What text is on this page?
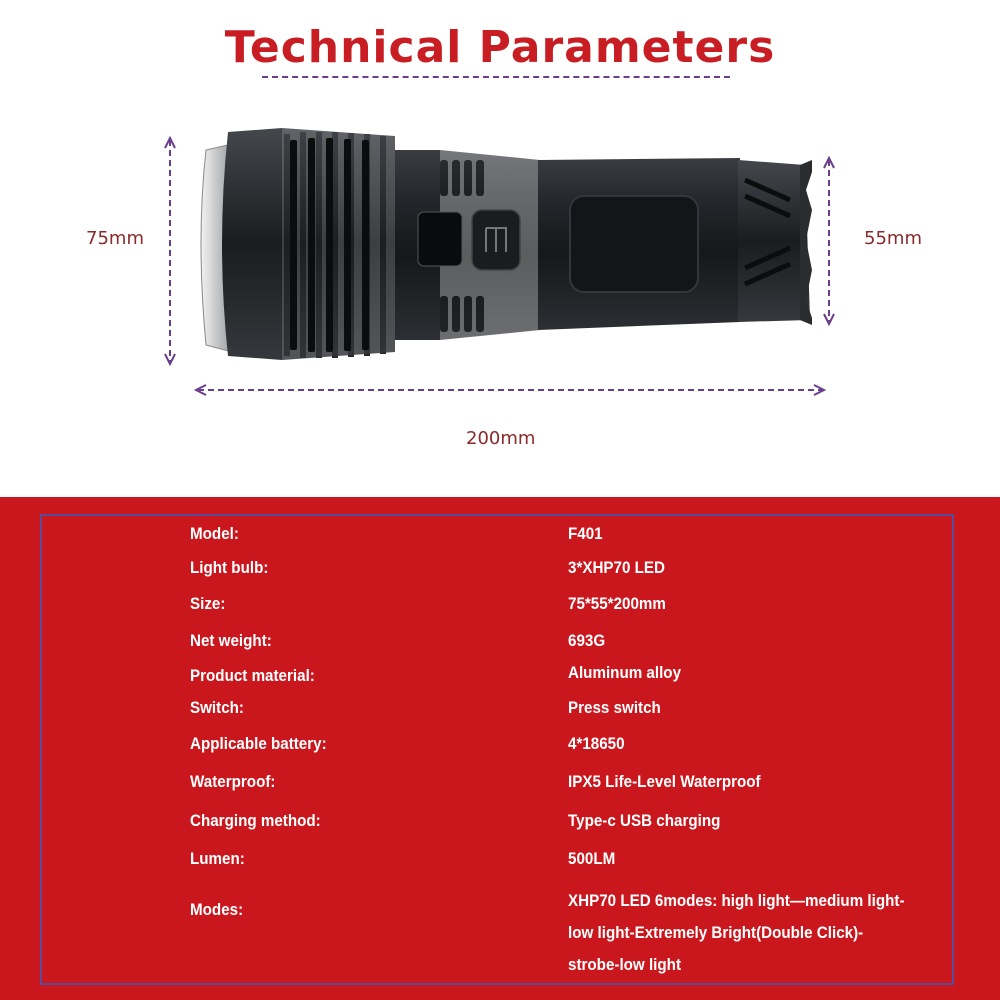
Technical Parameters
75mm	55mm
200mm
Model:	F401
Light bulb:	3*XHP70 LED
Size:	75*55*200mm
Net weight:	693G
Product material:	Aluminum alloy
Switch:	Press switch
Applicable battery:	4*18650
Waterproof:	IPX5 Life-Level Waterproof
Charging method:	Type-c USB charging
Lumen:	500LM
Modes:	XHP70 LED 6modes: high light—medium light-
low light-Extremely Bright(Double Click)-
strobe-low light
